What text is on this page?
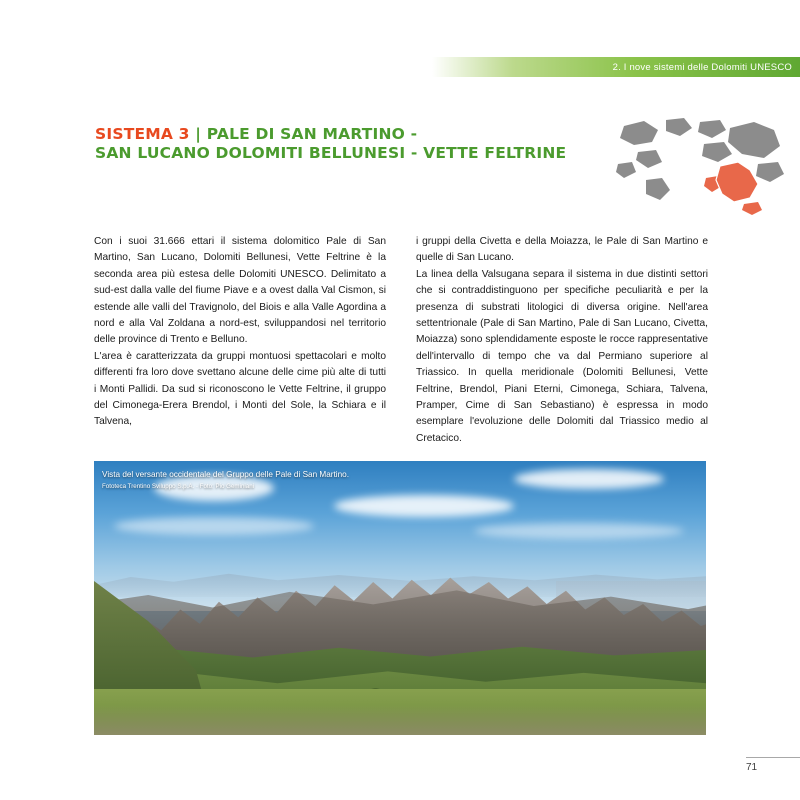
2. I nove sistemi delle Dolomiti UNESCO
SISTEMA 3 | PALE DI SAN MARTINO -
SAN LUCANO DOLOMITI BELLUNESI - VETTE FELTRINE

Con i suoi 31.666 ettari il sistema dolomitico Pale di San Martino, San Lucano, Dolomiti Bellunesi, Vette Feltrine è la seconda area più estesa delle Dolomiti UNESCO. Delimitato a sud-est dalla valle del fiume Piave e a ovest dalla Val Cismon, si estende alle valli del Travignolo, del Biois e alla Valle Agordina a nord e alla Val Zoldana a nord-est, sviluppandosi nel territorio delle province di Trento e Belluno.

L'area è caratterizzata da gruppi montuosi spettacolari e molto differenti fra loro dove svettano alcune delle cime più alte di tutti i Monti Pallidi. Da sud si riconoscono le Vette Feltrine, il gruppo del Cimonega-Erera Brendol, i Monti del Sole, la Schiara e il Talvena,

i gruppi della Civetta e della Moiazza, le Pale di San Martino e quelle di San Lucano.

La linea della Valsugana separa il sistema in due distinti settori che si contraddistinguono per specifiche peculiarità e per la presenza di substrati litologici di diversa origine. Nell'area settentrionale (Pale di San Martino, Pale di San Lucano, Civetta, Moiazza) sono splendidamente esposte le rocce rappresentative dell'intervallo di tempo che va dal Permiano superiore al Triassico. In quella meridionale (Dolomiti Bellunesi, Vette Feltrine, Brendol, Piani Eterni, Cimonega, Schiara, Talvena, Pramper, Cime di San Sebastiano) è espressa in modo esemplare l'evoluzione delle Dolomiti dal Triassico medio al Cretacico.

Vista del versante occidentale del Gruppo delle Pale di San Martino.
Fototeca Trentino Sviluppo S.p.A. - Foto: Pio Geminiani
71
